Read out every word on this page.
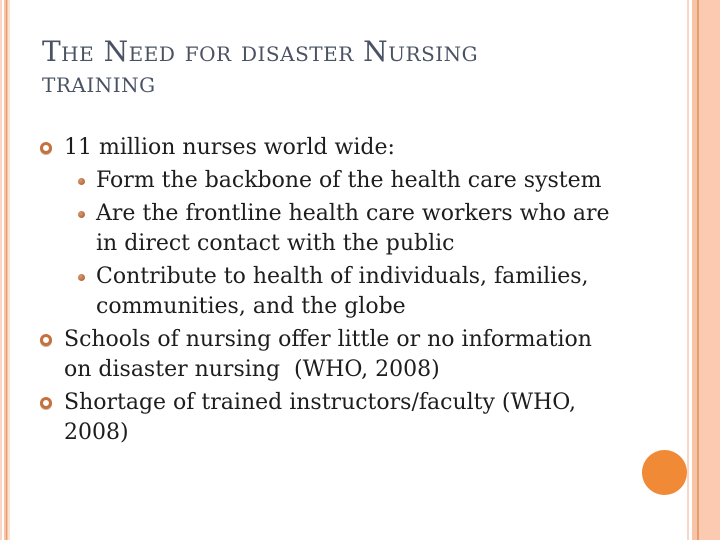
The Need for disaster Nursing
training
11 million nurses world wide:
Form the backbone of the health care system
Are the frontline health care workers who are
in direct contact with the public
Contribute to health of individuals, families,
communities, and the globe
Schools of nursing offer little or no information
on disaster nursing  (WHO, 2008)
Shortage of trained instructors/faculty (WHO,
2008)
